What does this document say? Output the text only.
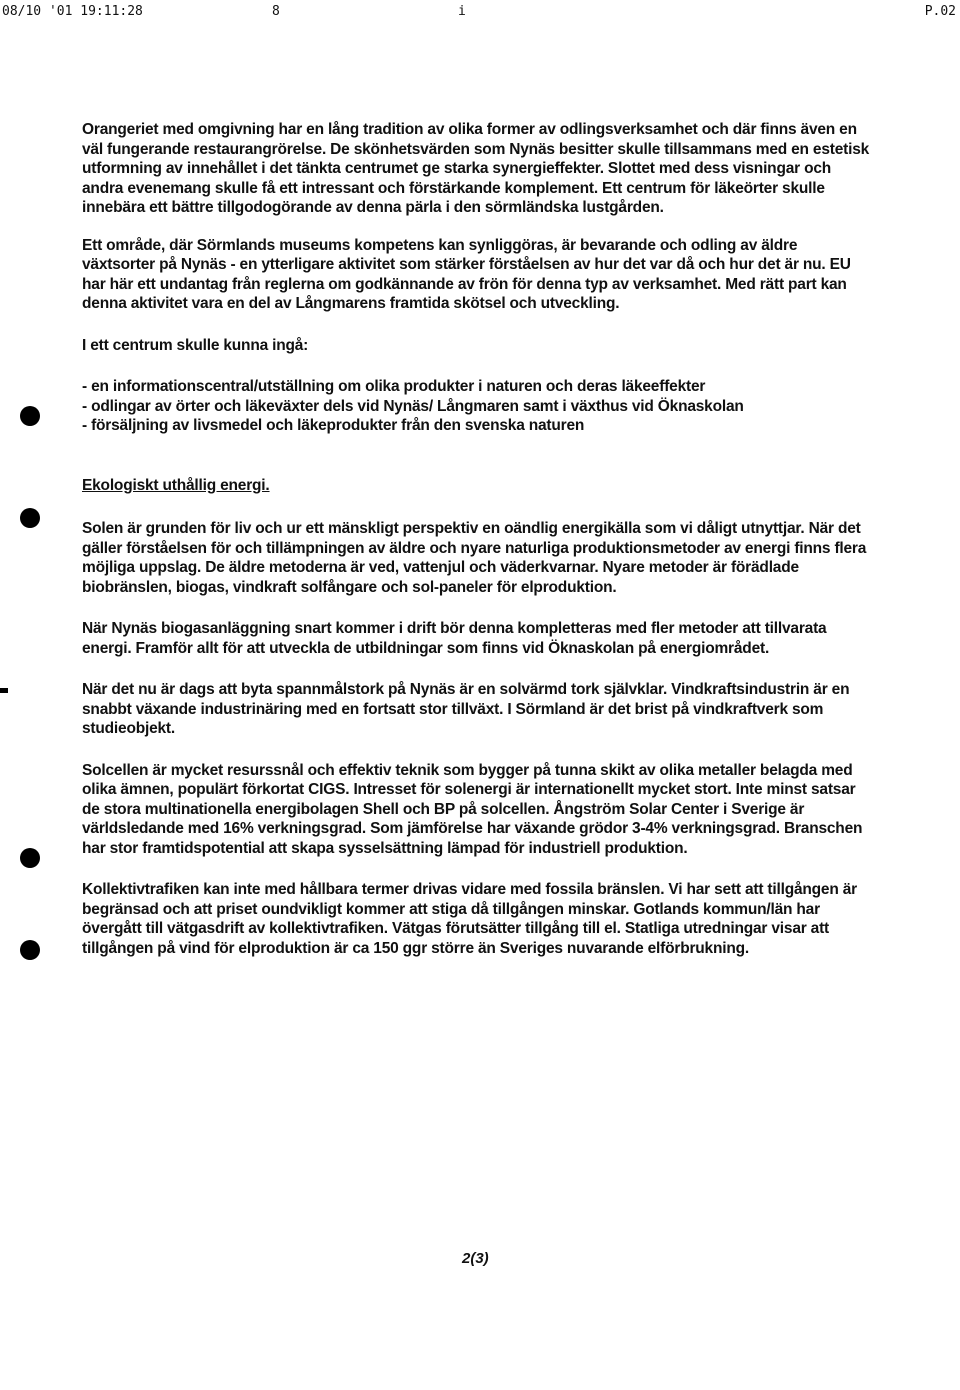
08/10 '01 19:11:28	8	i	P.02

Orangeriet med omgivning har en lång tradition av olika former av odlingsverksamhet och där finns även en väl fungerande restaurangrörelse. De skönhetsvärden som Nynäs besitter skulle tillsammans med en estetisk utformning av innehållet i det tänkta centrumet ge starka synergieffekter. Slottet med dess visningar och andra evenemang skulle få ett intressant och förstärkande komplement. Ett centrum för läkeörter skulle innebära ett bättre tillgodogörande av denna pärla i den sörmländska lustgården.

Ett område, där Sörmlands museums kompetens kan synliggöras, är bevarande och odling av äldre växtsorter på Nynäs - en ytterligare aktivitet som stärker förståelsen av hur det var då och hur det är nu. EU har här ett undantag från reglerna om godkännande av frön för denna typ av verksamhet. Med rätt part kan denna aktivitet vara en del av Långmarens framtida skötsel och utveckling.

I ett centrum skulle kunna ingå:

- en informationscentral/utställning om olika produkter i naturen och deras läkeeffekter
- odlingar av örter och läkeväxter dels vid Nynäs/ Långmaren samt i växthus vid Öknaskolan
- försäljning av livsmedel och läkeprodukter från den svenska naturen

Ekologiskt uthållig energi.

Solen är grunden för liv och ur ett mänskligt perspektiv en oändlig energikälla som vi dåligt utnyttjar. När det gäller förståelsen för och tillämpningen av äldre och nyare naturliga produktionsmetoder av energi finns flera möjliga uppslag. De äldre metoderna är ved, vattenjul och väderkvarnar. Nyare metoder är förädlade biobränslen, biogas, vindkraft solfångare och sol-paneler för elproduktion.

När Nynäs biogasanläggning snart kommer i drift bör denna kompletteras med fler metoder att tillvarata energi. Framför allt för att utveckla de utbildningar som finns vid Öknaskolan på energiområdet.

När det nu är dags att byta spannmålstork på Nynäs är en solvärmd tork självklar. Vindkraftsindustrin är en snabbt växande industrinäring med en fortsatt stor tillväxt. I Sörmland är det brist på vindkraftverk som studieobjekt.

Solcellen är mycket resurssnål och effektiv teknik som bygger på tunna skikt av olika metaller belagda med olika ämnen, populärt förkortat CIGS. Intresset för solenergi är internationellt mycket stort. Inte minst satsar de stora multinationella energibolagen Shell och BP på solcellen. Ångström Solar Center i Sverige är världsledande med 16% verkningsgrad. Som jämförelse har växande grödor 3-4% verkningsgrad. Branschen har stor framtidspotential att skapa sysselsättning lämpad för industriell produktion.

Kollektivtrafiken kan inte med hållbara termer drivas vidare med fossila bränslen. Vi har sett att tillgången är begränsad och att priset oundvikligt kommer att stiga då tillgången minskar. Gotlands kommun/län har övergått till vätgasdrift av kollektivtrafiken. Vätgas förutsätter tillgång till el. Statliga utredningar visar att tillgången på vind för elproduktion är ca 150 ggr större än Sveriges nuvarande elförbrukning.

2(3)
